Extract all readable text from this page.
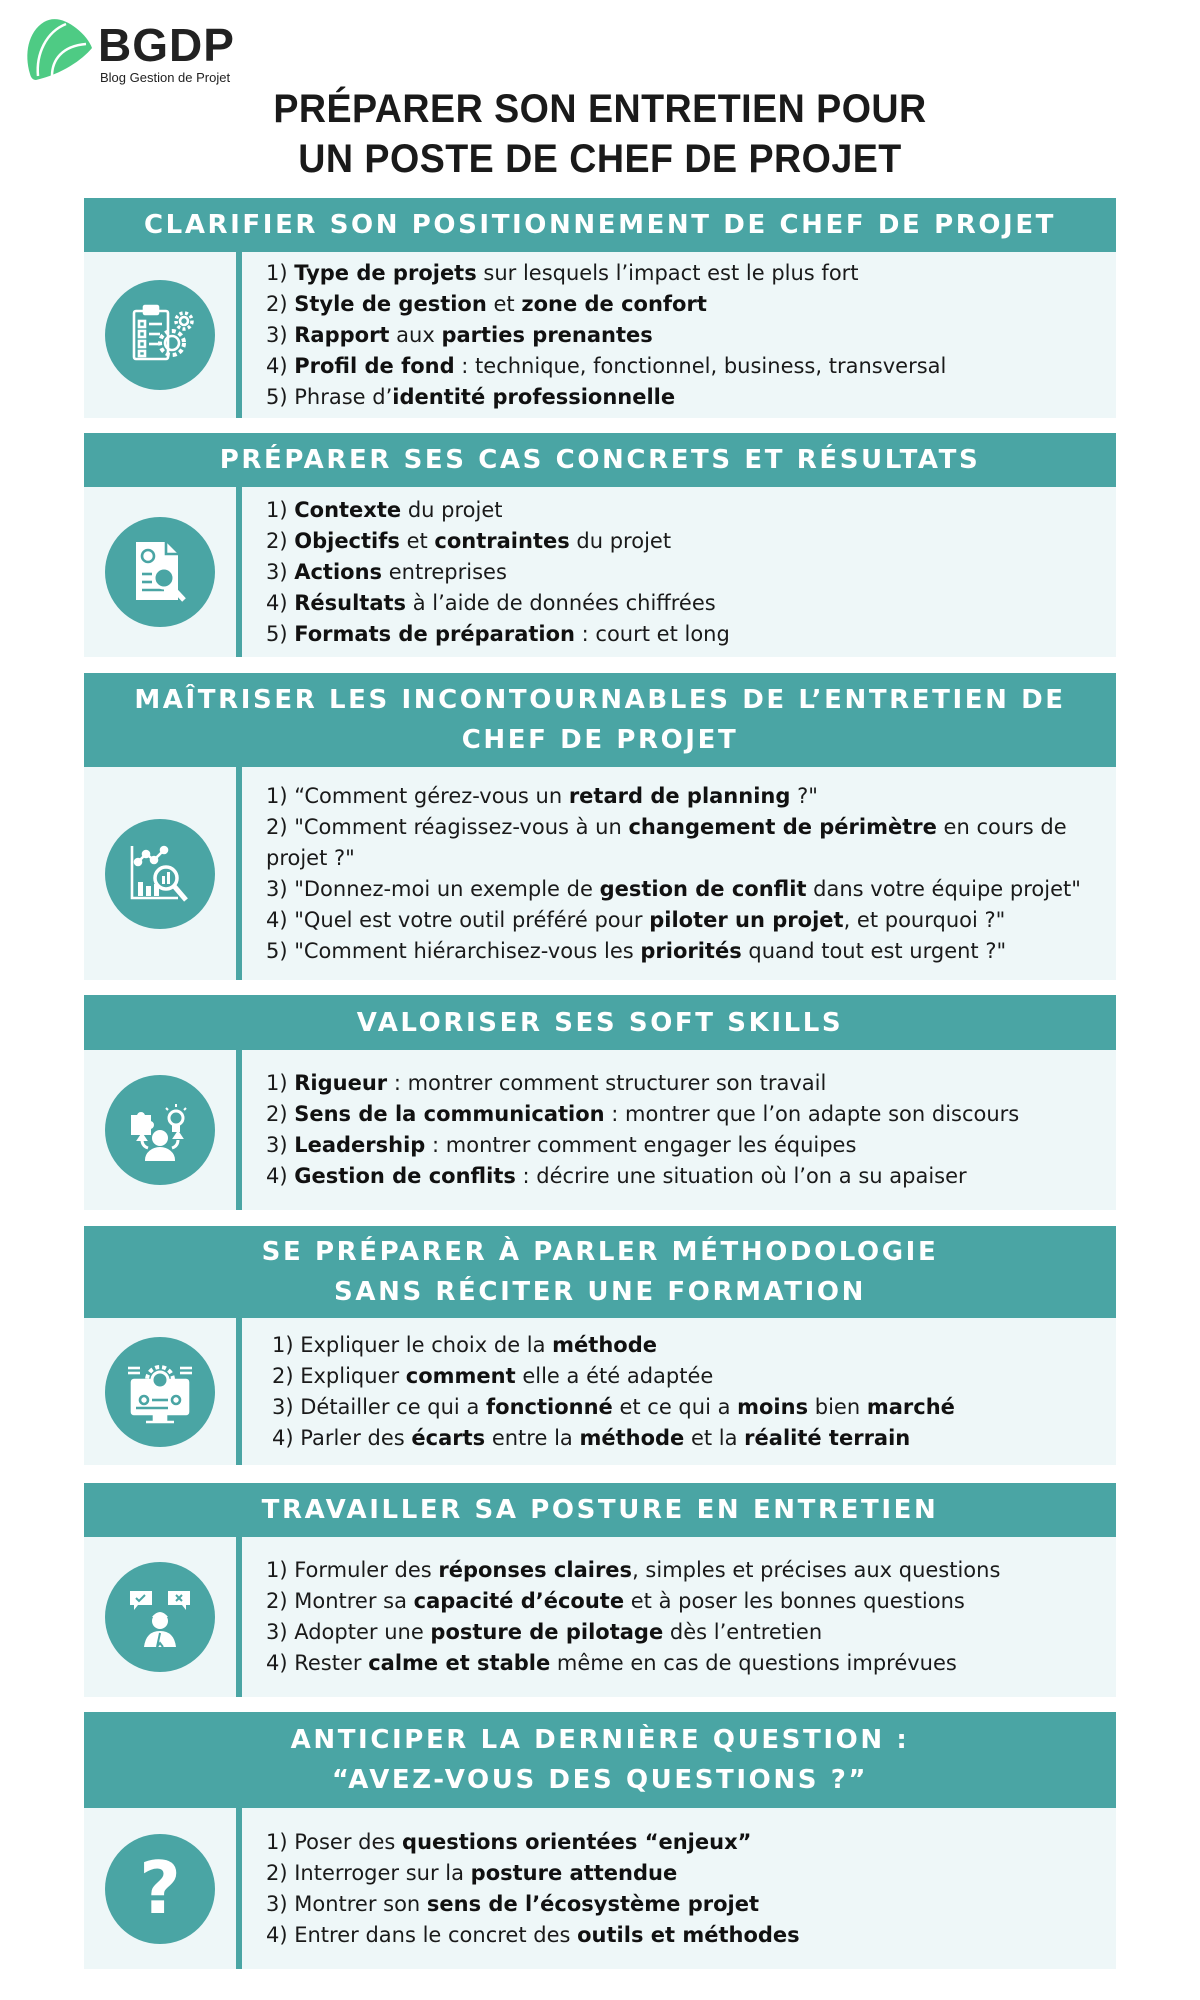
BGDP
Blog Gestion de Projet
PRÉPARER SON ENTRETIEN POUR
UN POSTE DE CHEF DE PROJET
CLARIFIER SON POSITIONNEMENT DE CHEF DE PROJET
1) Type de projets sur lesquels l’impact est le plus fort
2) Style de gestion et zone de confort
3) Rapport aux parties prenantes
4) Profil de fond : technique, fonctionnel, business, transversal
5) Phrase d’identité professionnelle
PRÉPARER SES CAS CONCRETS ET RÉSULTATS
1) Contexte du projet
2) Objectifs et contraintes du projet
3) Actions entreprises
4) Résultats à l’aide de données chiffrées
5) Formats de préparation : court et long
MAÎTRISER LES INCONTOURNABLES DE L’ENTRETIEN DE
CHEF DE PROJET
1) “Comment gérez-vous un retard de planning ?"
2) "Comment réagissez-vous à un changement de périmètre en cours de projet ?"
3) "Donnez-moi un exemple de gestion de conflit dans votre équipe projet"
4) "Quel est votre outil préféré pour piloter un projet, et pourquoi ?"
5) "Comment hiérarchisez-vous les priorités quand tout est urgent ?"
VALORISER SES SOFT SKILLS
1) Rigueur : montrer comment structurer son travail
2) Sens de la communication : montrer que l’on adapte son discours
3) Leadership : montrer comment engager les équipes
4) Gestion de conflits : décrire une situation où l’on a su apaiser
SE PRÉPARER À PARLER MÉTHODOLOGIE
SANS RÉCITER UNE FORMATION
1) Expliquer le choix de la méthode
2) Expliquer comment elle a été adaptée
3) Détailler ce qui a fonctionné et ce qui a moins bien marché
4) Parler des écarts entre la méthode et la réalité terrain
TRAVAILLER SA POSTURE EN ENTRETIEN
1) Formuler des réponses claires, simples et précises aux questions
2) Montrer sa capacité d’écoute et à poser les bonnes questions
3) Adopter une posture de pilotage dès l’entretien
4) Rester calme et stable même en cas de questions imprévues
ANTICIPER LA DERNIÈRE QUESTION :
“AVEZ-VOUS DES QUESTIONS ?”
?
1) Poser des questions orientées “enjeux”
2) Interroger sur la posture attendue
3) Montrer son sens de l’écosystème projet
4) Entrer dans le concret des outils et méthodes
